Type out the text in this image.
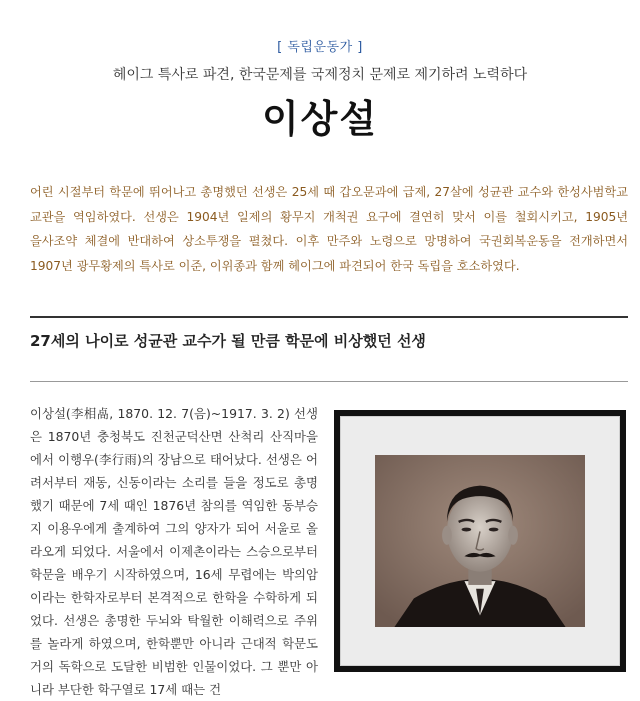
[ 독립운동가 ]
헤이그 특사로 파견, 한국문제를 국제정치 문제로 제기하려 노력하다
이상설
어린 시절부터 학문에 뛰어나고 총명했던 선생은 25세 때 갑오문과에 급제, 27살에 성균관 교수와 한성사범학교 교관을 역임하였다. 선생은 1904년 일제의 황무지 개척권 요구에 결연히 맞서 이를 철회시키고, 1905년 을사조약 체결에 반대하여 상소투쟁을 펼쳤다. 이후 만주와 노령으로 망명하여 국권회복운동을 전개하면서 1907년 광무황제의 특사로 이준, 이위종과 함께 헤이그에 파견되어 한국 독립을 호소하였다.
27세의 나이로 성균관 교수가 될 만큼 학문에 비상했던 선생
이상설(李相卨, 1870. 12. 7(음)~1917. 3. 2) 선생은 1870년 충청북도 진천군덕산면 산척리 산직마을에서 이행우(李行雨)의 장남으로 태어났다. 선생은 어려서부터 재동, 신동이라는 소리를 들을 정도로 총명했기 때문에 7세 때인 1876년 참의를 역임한 동부승지 이용우에게 출계하여 그의 양자가 되어 서울로 올라오게 되었다. 서울에서 이제촌이라는 스승으로부터 학문을 배우기 시작하였으며, 16세 무렵에는 박의암이라는 한학자로부터 본격적으로 한학을 수학하게 되었다. 선생은 총명한 두뇌와 탁월한 이해력으로 주위를 놀라게 하였으며, 한학뿐만 아니라 근대적 학문도 거의 독학으로 도달한 비범한 인물이었다. 그 뿐만 아니라 부단한 학구열로 17세 때는 건
